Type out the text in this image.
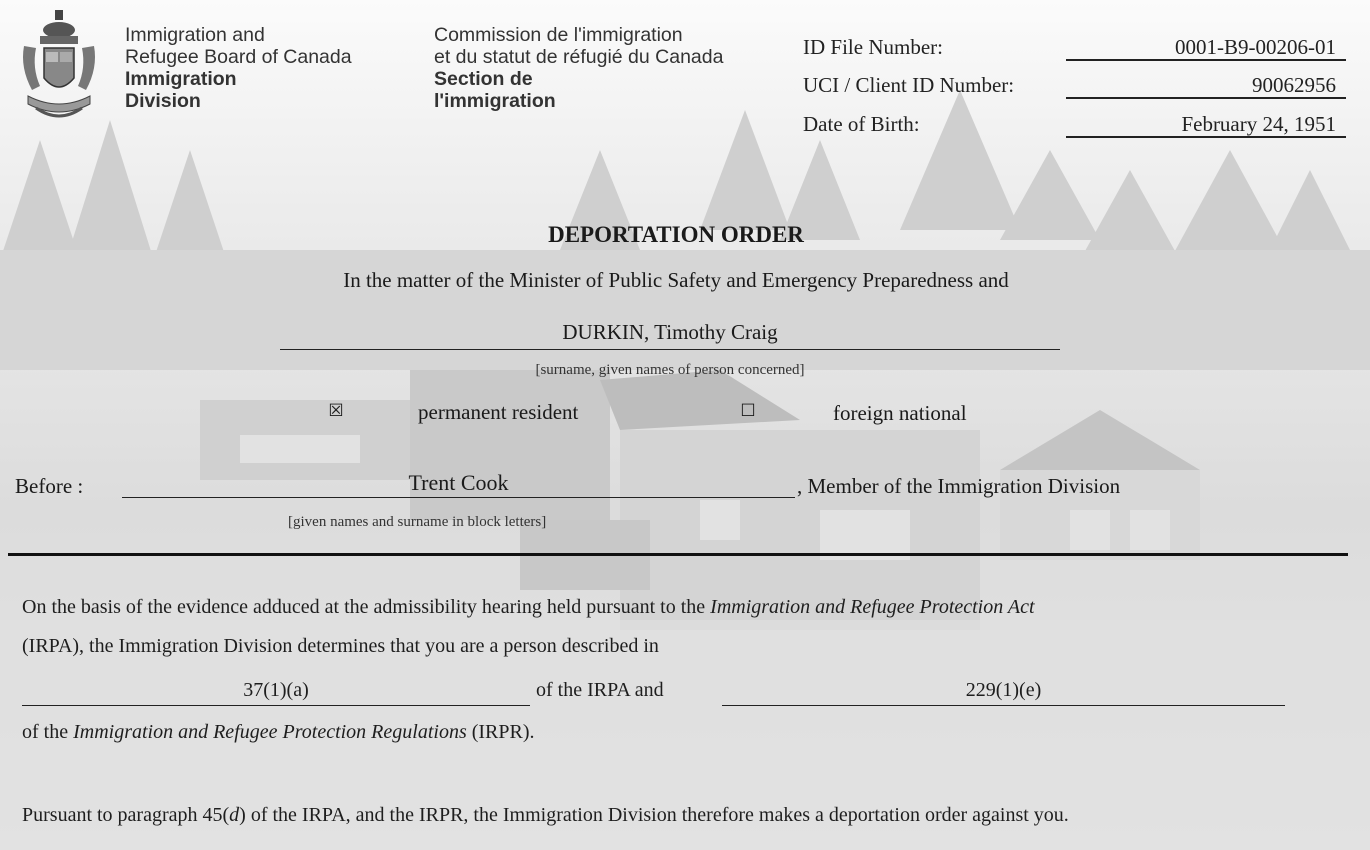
Immigration and
Refugee Board of Canada
Immigration
Division
Commission de l'immigration
et du statut de réfugié du Canada
Section de
l'immigration
ID File Number:	0001-B9-00206-01
UCI / Client ID Number:	90062956
Date of Birth:	February 24, 1951
DEPORTATION ORDER
In the matter of the Minister of Public Safety and Emergency Preparedness and
DURKIN, Timothy Craig
[surname, given names of person concerned]
☒	permanent resident	☐	foreign national
Before :	Trent Cook	, Member of the Immigration Division
[given names and surname in block letters]
On the basis of the evidence adduced at the admissibility hearing held pursuant to the Immigration and Refugee Protection Act
(IRPA), the Immigration Division determines that you are a person described in
37(1)(a)	of the IRPA and	229(1)(e)
of the Immigration and Refugee Protection Regulations (IRPR).
Pursuant to paragraph 45(d) of the IRPA, and the IRPR, the Immigration Division therefore makes a deportation order against you.
